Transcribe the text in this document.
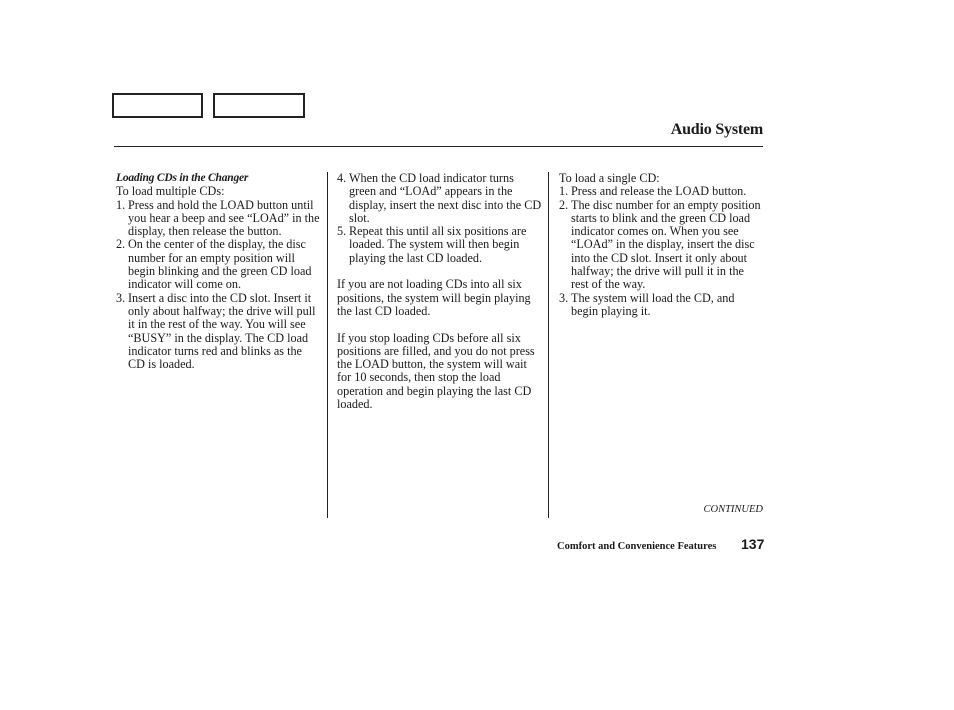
Audio System
Loading CDs in the Changer

To load multiple CDs:

1. Press and hold the LOAD button until you hear a beep and see “LOAd” in the display, then release the button.
2. On the center of the display, the disc number for an empty position will begin blinking and the green CD load indicator will come on.
3. Insert a disc into the CD slot. Insert it only about halfway; the drive will pull it in the rest of the way. You will see “BUSY” in the display. The CD load indicator turns red and blinks as the CD is loaded.
4. When the CD load indicator turns green and “LOAd” appears in the display, insert the next disc into the CD slot.
5. Repeat this until all six positions are loaded. The system will then begin playing the last CD loaded.

If you are not loading CDs into all six positions, the system will begin playing the last CD loaded.

If you stop loading CDs before all six positions are filled, and you do not press the LOAD button, the system will wait for 10 seconds, then stop the load operation and begin playing the last CD loaded.

To load a single CD:

1. Press and release the LOAD button.
2. The disc number for an empty position starts to blink and the green CD load indicator comes on. When you see “LOAd” in the display, insert the disc into the CD slot. Insert it only about halfway; the drive will pull it in the rest of the way.
3. The system will load the CD, and begin playing it.
CONTINUED
Comfort and Convenience Features 137
